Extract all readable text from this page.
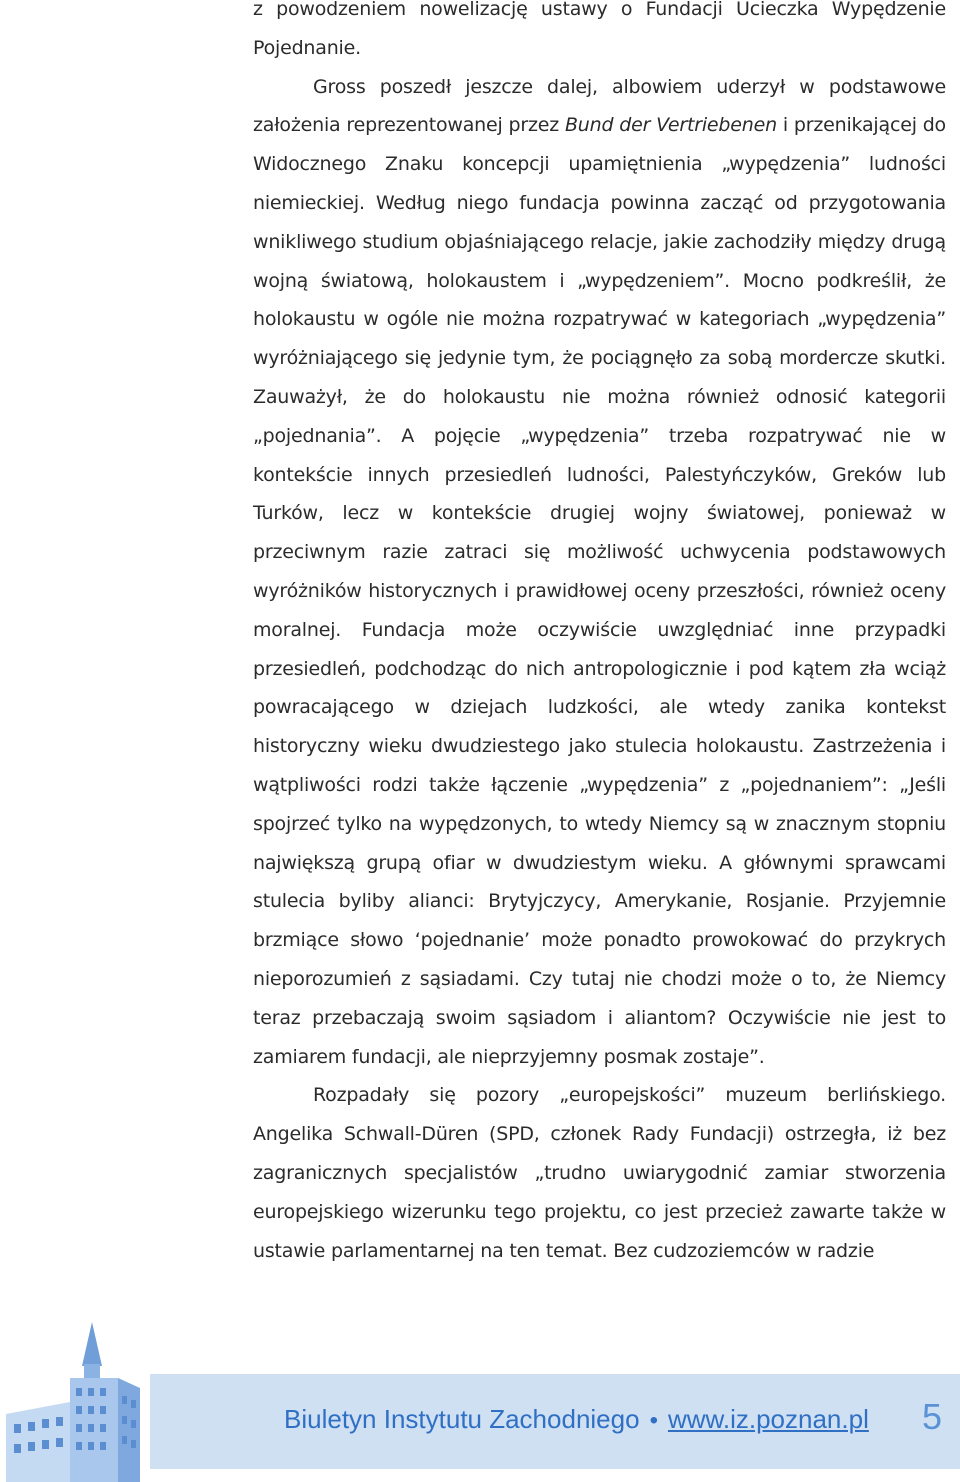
z powodzeniem nowelizację ustawy o Fundacji Ucieczka Wypędzenie Pojednanie.

Gross poszedł jeszcze dalej, albowiem uderzył w podstawowe założenia reprezentowanej przez Bund der Vertriebenen i przenikającej do Widocznego Znaku koncepcji upamiętnienia „wypędzenia” ludności niemieckiej. Według niego fundacja powinna zacząć od przygotowania wnikliwego studium objaśniającego relacje, jakie zachodziły między drugą wojną światową, holokaustem i „wypędzeniem”. Mocno podkreślił, że holokaustu w ogóle nie można rozpatrywać w kategoriach „wypędzenia” wyróżniającego się jedynie tym, że pociągnęło za sobą mordercze skutki. Zauważył, że do holokaustu nie można również odnosić kategorii „pojednania”. A pojęcie „wypędzenia” trzeba rozpatrywać nie w kontekście innych przesiedleń ludności, Palestyńczyków, Greków lub Turków, lecz w kontekście drugiej wojny światowej, ponieważ w przeciwnym razie zatraci się możliwość uchwycenia podstawowych wyróżników historycznych i prawidłowej oceny przeszłości, również oceny moralnej. Fundacja może oczywiście uwzględniać inne przypadki przesiedleń, podchodząc do nich antropologicznie i pod kątem zła wciąż powracającego w dziejach ludzkości, ale wtedy zanika kontekst historyczny wieku dwudziestego jako stulecia holokaustu. Zastrzeżenia i wątpliwości rodzi także łączenie „wypędzenia” z „pojednaniem”: „Jeśli spojrzeć tylko na wypędzonych, to wtedy Niemcy są w znacznym stopniu największą grupą ofiar w dwudziestym wieku. A głównymi sprawcami stulecia byliby alianci: Brytyjczycy, Amerykanie, Rosjanie. Przyjemnie brzmiące słowo ‘pojednanie’ może ponadto prowokować do przykrych nieporozumień z sąsiadami. Czy tutaj nie chodzi może o to, że Niemcy teraz przebaczają swoim sąsiadom i aliantom? Oczywiście nie jest to zamiarem fundacji, ale nieprzyjemny posmak zostaje”.

Rozpadały się pozory „europejskości” muzeum berlińskiego. Angelika Schwall-Düren (SPD, członek Rady Fundacji) ostrzegła, iż bez zagranicznych specjalistów „trudno uwiarygodnić zamiar stworzenia europejskiego wizerunku tego projektu, co jest przecież zawarte także w ustawie parlamentarnej na ten temat. Bez cudzoziemców w radzie

Biuletyn Instytutu Zachodniego • www.iz.poznan.pl 5
